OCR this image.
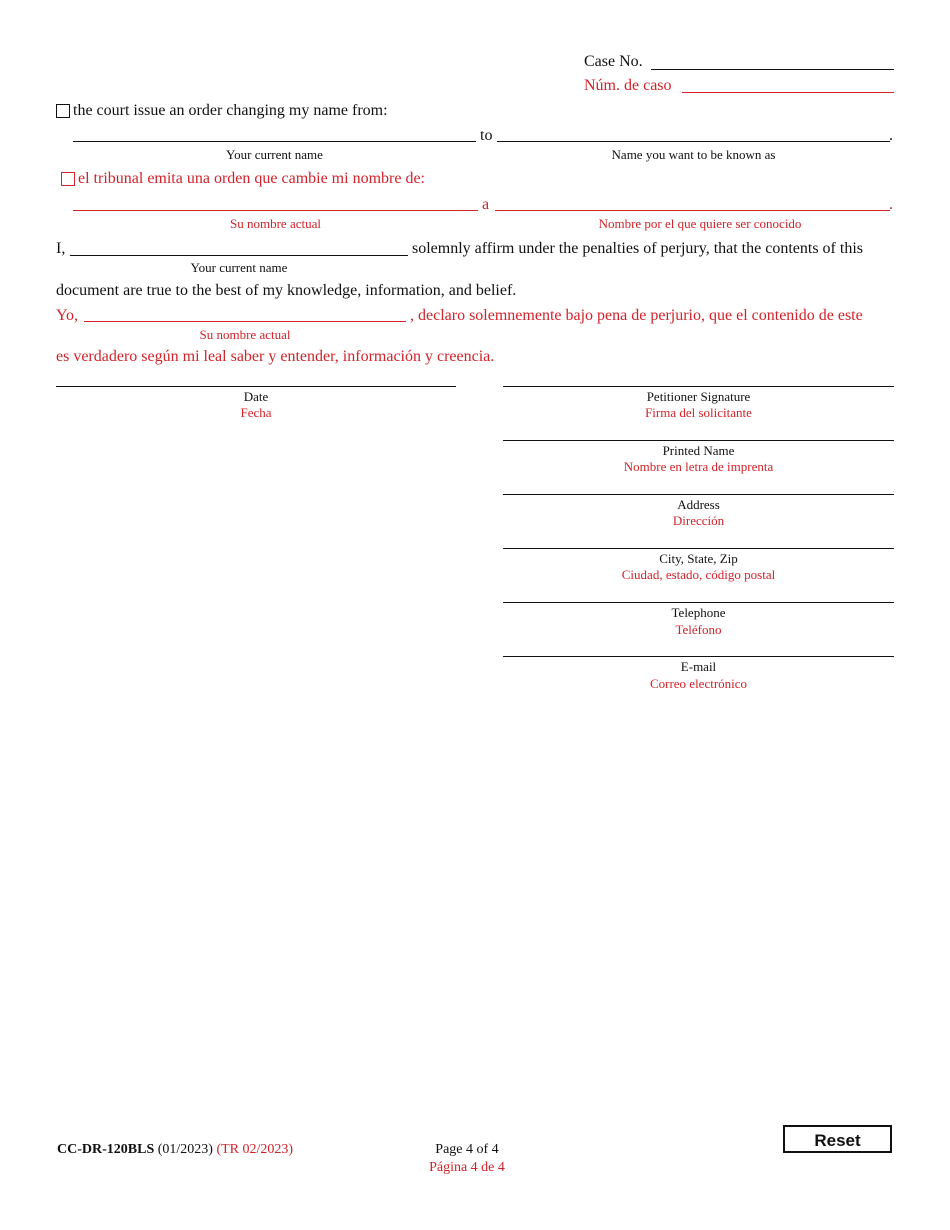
Case No.
Núm. de caso
the court issue an order changing my name from:
to	.
Your current name	Name you want to be known as
el tribunal emita una orden que cambie mi nombre de:
a	.
Su nombre actual	Nombre por el que quiere ser conocido
I,	solemnly affirm under the penalties of perjury, that the contents of this
Your current name
document are true to the best of my knowledge, information, and belief.
Yo,	, declaro solemnemente bajo pena de perjurio, que el contenido de este
Su nombre actual
es verdadero según mi leal saber y entender, información y creencia.
Date
Fecha
Petitioner Signature
Firma del solicitante
Printed Name
Nombre en letra de imprenta
Address
Dirección
City, State, Zip
Ciudad, estado, código postal
Telephone
Teléfono
E-mail
Correo electrónico
CC-DR-120BLS (01/2023) (TR 02/2023)	Page 4 of 4
Página 4 de 4
Reset
